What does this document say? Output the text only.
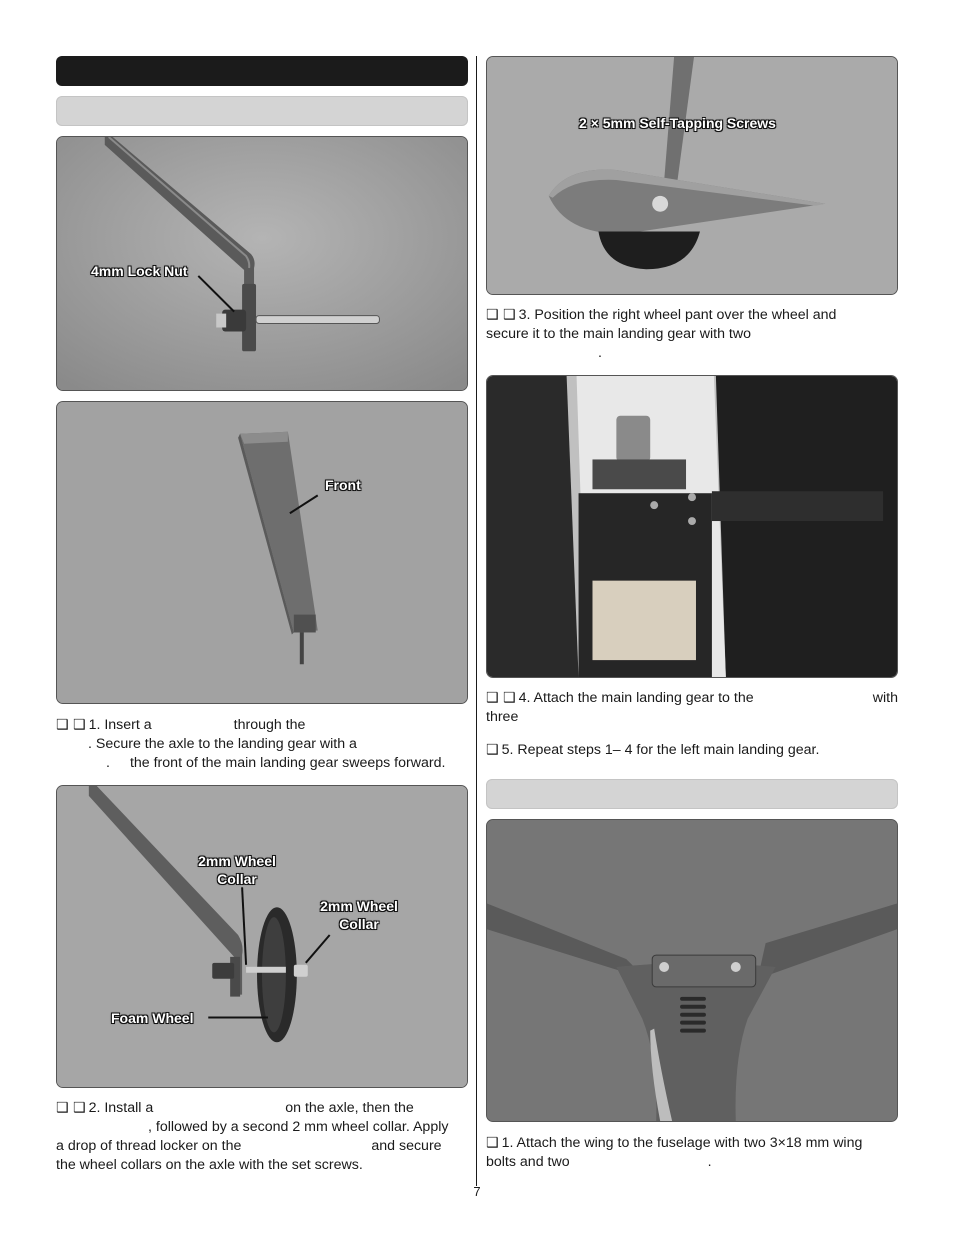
4mm Lock Nut
Front
❑ ❑ 1. Insert a	through the
. Secure the axle to the landing gear with a
. the front of the main landing gear sweeps forward.
2mm Wheel Collar
2mm Wheel Collar
Foam Wheel
❑ ❑ 2. Install a	on the axle, then the
, followed by a second 2 mm wheel collar. Apply
a drop of thread locker on the	and secure
the wheel collars on the axle with the set screws.
2 × 5mm Self-Tapping Screws
❑ ❑ 3. Position the right wheel pant over the wheel and
secure it to the main landing gear with two
.
❑ ❑ 4. Attach the main landing gear to the	with
three
❑ 5. Repeat steps 1– 4 for the left main landing gear.
❑ 1. Attach the wing to the fuselage with two 3×18 mm wing
bolts and two	.
7
